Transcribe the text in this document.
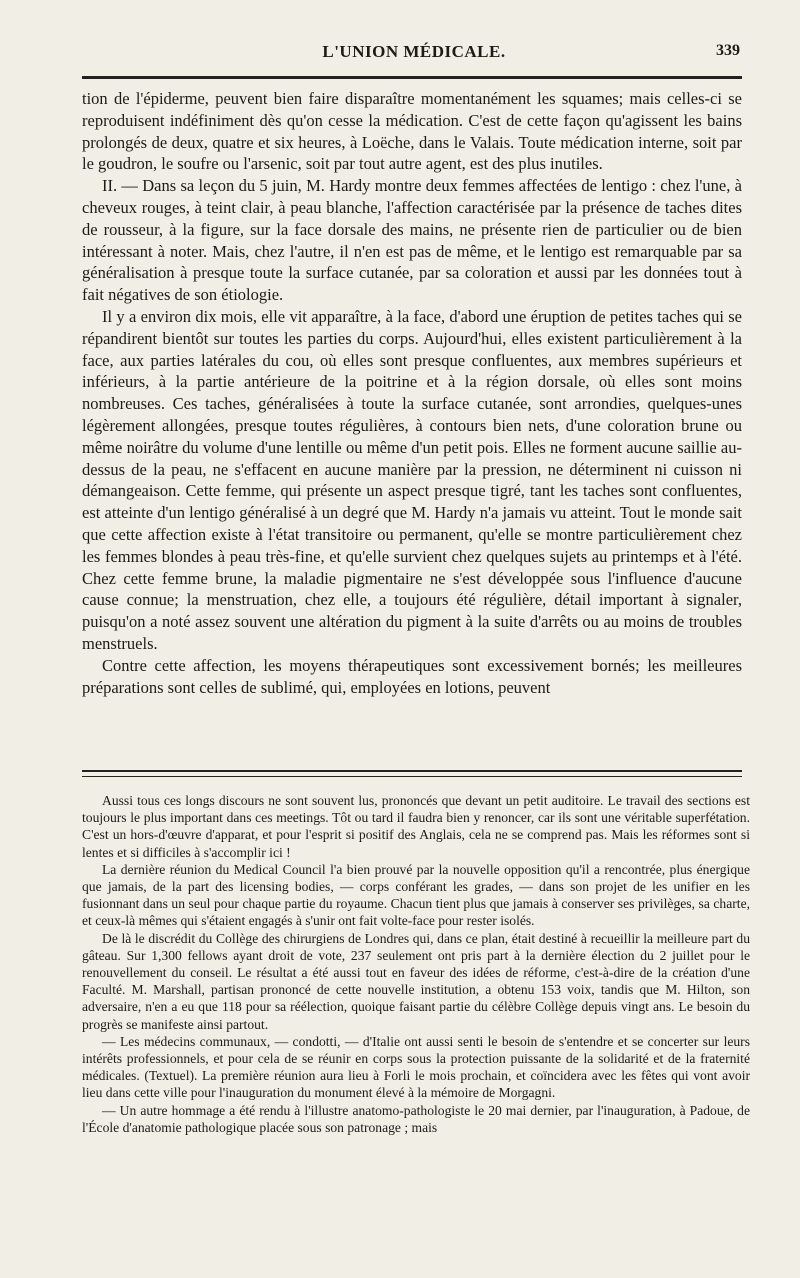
L'UNION MÉDICALE.	339

tion de l'épiderme, peuvent bien faire disparaître momentanément les squames; mais celles-ci se reproduisent indéfiniment dès qu'on cesse la médication. C'est de cette façon qu'agissent les bains prolongés de deux, quatre et six heures, à Loëche, dans le Valais. Toute médication interne, soit par le goudron, le soufre ou l'arsenic, soit par tout autre agent, est des plus inutiles.

II. — Dans sa leçon du 5 juin, M. Hardy montre deux femmes affectées de lentigo : chez l'une, à cheveux rouges, à teint clair, à peau blanche, l'affection caractérisée par la présence de taches dites de rousseur, à la figure, sur la face dorsale des mains, ne présente rien de particulier ou de bien intéressant à noter. Mais, chez l'autre, il n'en est pas de même, et le lentigo est remarquable par sa généralisation à presque toute la surface cutanée, par sa coloration et aussi par les données tout à fait négatives de son étiologie.

Il y a environ dix mois, elle vit apparaître, à la face, d'abord une éruption de petites taches qui se répandirent bientôt sur toutes les parties du corps. Aujourd'hui, elles existent particulièrement à la face, aux parties latérales du cou, où elles sont presque confluentes, aux membres supérieurs et inférieurs, à la partie antérieure de la poitrine et à la région dorsale, où elles sont moins nombreuses. Ces taches, généralisées à toute la surface cutanée, sont arrondies, quelques-unes légèrement allongées, presque toutes régulières, à contours bien nets, d'une coloration brune ou même noirâtre du volume d'une lentille ou même d'un petit pois. Elles ne forment aucune saillie au-dessus de la peau, ne s'effacent en aucune manière par la pression, ne déterminent ni cuisson ni démangeaison. Cette femme, qui présente un aspect presque tigré, tant les taches sont confluentes, est atteinte d'un lentigo généralisé à un degré que M. Hardy n'a jamais vu atteint. Tout le monde sait que cette affection existe à l'état transitoire ou permanent, qu'elle se montre particulièrement chez les femmes blondes à peau très-fine, et qu'elle survient chez quelques sujets au printemps et à l'été. Chez cette femme brune, la maladie pigmentaire ne s'est développée sous l'influence d'aucune cause connue; la menstruation, chez elle, a toujours été régulière, détail important à signaler, puisqu'on a noté assez souvent une altération du pigment à la suite d'arrêts ou au moins de troubles menstruels.

Contre cette affection, les moyens thérapeutiques sont excessivement bornés; les meilleures préparations sont celles de sublimé, qui, employées en lotions, peuvent

Aussi tous ces longs discours ne sont souvent lus, prononcés que devant un petit auditoire. Le travail des sections est toujours le plus important dans ces meetings. Tôt ou tard il faudra bien y renoncer, car ils sont une véritable superfétation. C'est un hors-d'œuvre d'apparat, et pour l'esprit si positif des Anglais, cela ne se comprend pas. Mais les réformes sont si lentes et si difficiles à s'accomplir ici !

La dernière réunion du Medical Council l'a bien prouvé par la nouvelle opposition qu'il a rencontrée, plus énergique que jamais, de la part des licensing bodies, — corps conférant les grades, — dans son projet de les unifier en les fusionnant dans un seul pour chaque partie du royaume. Chacun tient plus que jamais à conserver ses privilèges, sa charte, et ceux-là mêmes qui s'étaient engagés à s'unir ont fait volte-face pour rester isolés.

De là le discrédit du Collège des chirurgiens de Londres qui, dans ce plan, était destiné à recueillir la meilleure part du gâteau. Sur 1,300 fellows ayant droit de vote, 237 seulement ont pris part à la dernière élection du 2 juillet pour le renouvellement du conseil. Le résultat a été aussi tout en faveur des idées de réforme, c'est-à-dire de la création d'une Faculté. M. Marshall, partisan prononcé de cette nouvelle institution, a obtenu 153 voix, tandis que M. Hilton, son adversaire, n'en a eu que 118 pour sa réélection, quoique faisant partie du célèbre Collège depuis vingt ans. Le besoin du progrès se manifeste ainsi partout.

— Les médecins communaux, — condotti, — d'Italie ont aussi senti le besoin de s'entendre et se concerter sur leurs intérêts professionnels, et pour cela de se réunir en corps sous la protection puissante de la solidarité et de la fraternité médicales. (Textuel). La première réunion aura lieu à Forli le mois prochain, et coïncidera avec les fêtes qui vont avoir lieu dans cette ville pour l'inauguration du monument élevé à la mémoire de Morgagni.

— Un autre hommage a été rendu à l'illustre anatomo-pathologiste le 20 mai dernier, par l'inauguration, à Padoue, de l'École d'anatomie pathologique placée sous son patronage ; mais
